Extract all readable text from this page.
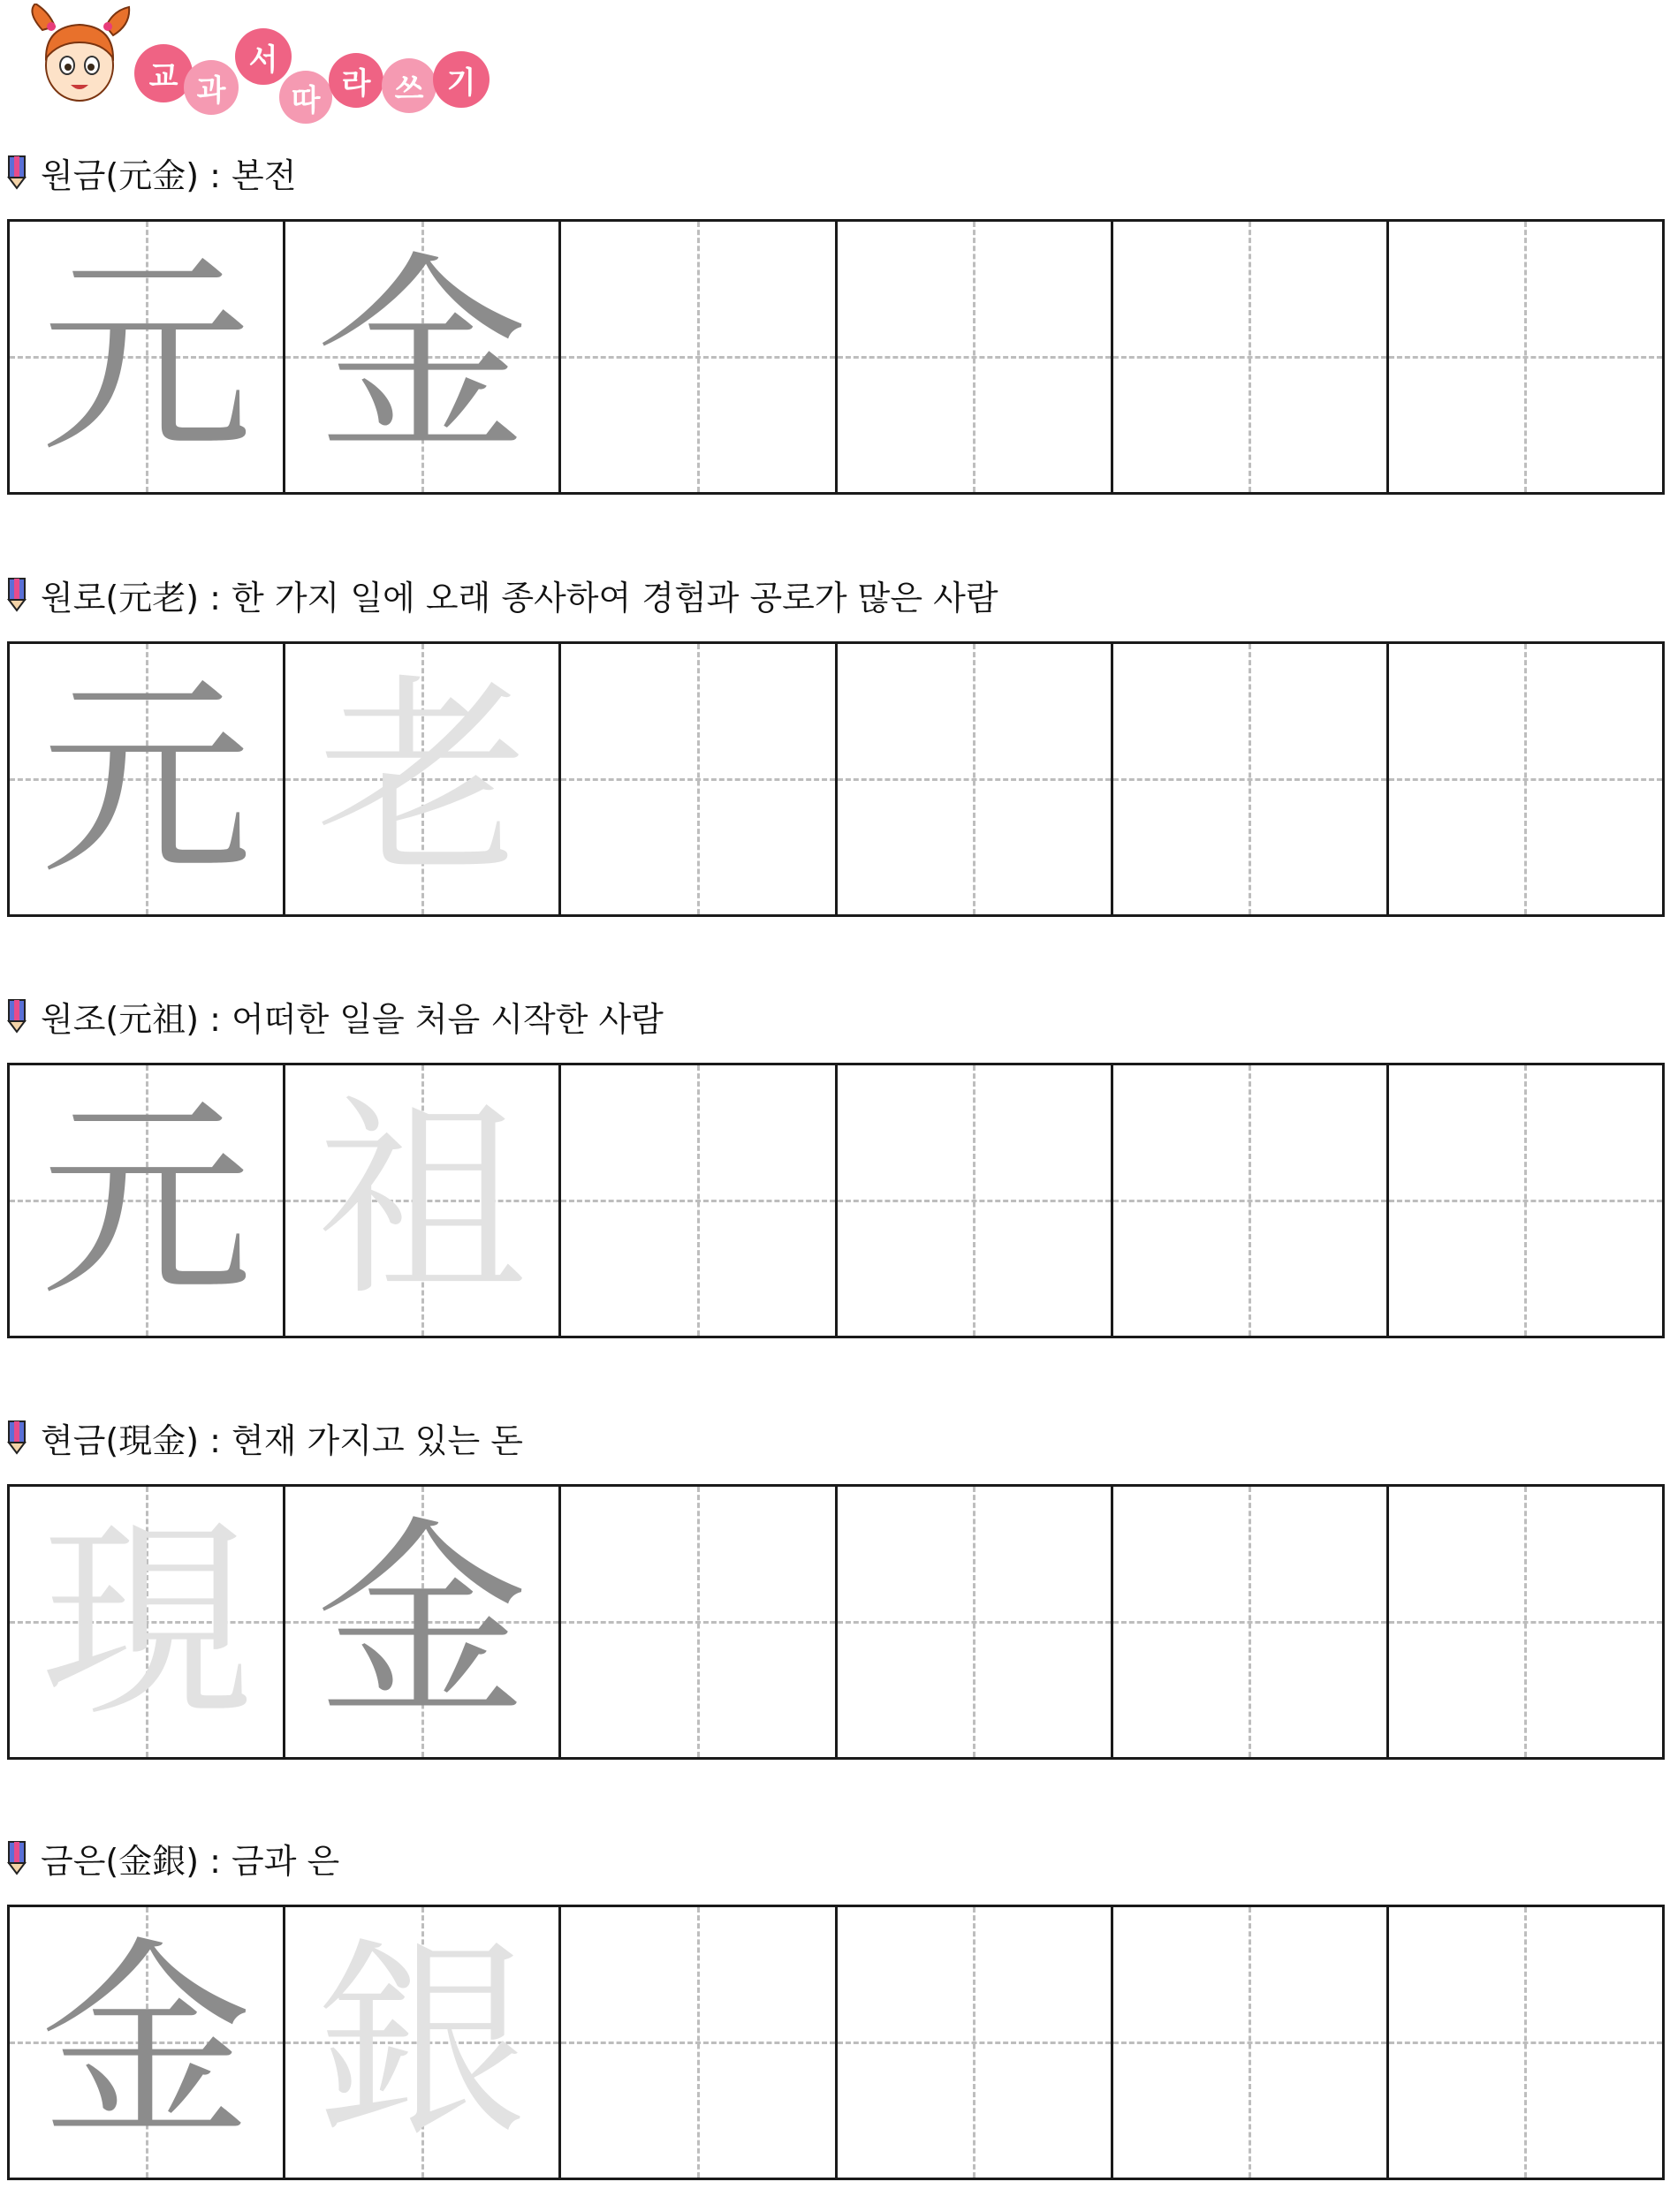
교 과
서
따 라 쓰 기
원금(元金) : 본전
元 金
원로(元老) : 한 가지 일에 오래 종사하여 경험과 공로가 많은 사람
元 老
원조(元祖) : 어떠한 일을 처음 시작한 사람
元 祖
현금(現金) : 현재 가지고 있는 돈
現 金
금은(金銀) : 금과 은
金 銀
